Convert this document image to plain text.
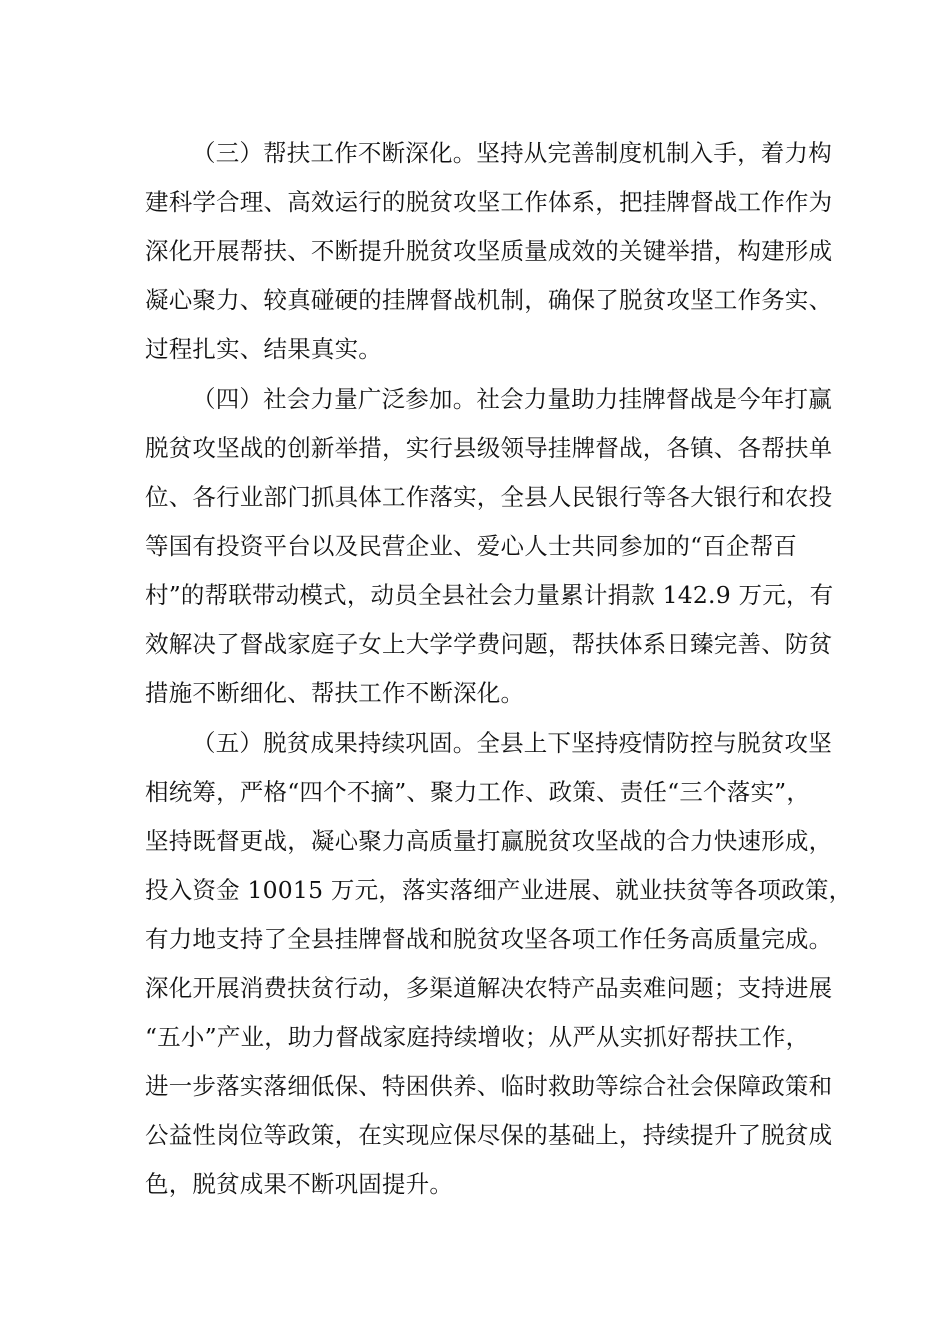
（三）帮扶工作不断深化。坚持从完善制度机制入手，着力构
建科学合理、高效运行的脱贫攻坚工作体系，把挂牌督战工作作为
深化开展帮扶、不断提升脱贫攻坚质量成效的关键举措，构建形成
凝心聚力、较真碰硬的挂牌督战机制，确保了脱贫攻坚工作务实、
过程扎实、结果真实。
（四）社会力量广泛参加。社会力量助力挂牌督战是今年打赢
脱贫攻坚战的创新举措，实行县级领导挂牌督战，各镇、各帮扶单
位、各行业部门抓具体工作落实，全县人民银行等各大银行和农投
等国有投资平台以及民营企业、爱心人士共同参加的“百企帮百
村”的帮联带动模式，动员全县社会力量累计捐款 142.9 万元，有
效解决了督战家庭子女上大学学费问题，帮扶体系日臻完善、防贫
措施不断细化、帮扶工作不断深化。
（五）脱贫成果持续巩固。全县上下坚持疫情防控与脱贫攻坚
相统筹，严格“四个不摘”、聚力工作、政策、责任“三个落实”，
坚持既督更战，凝心聚力高质量打赢脱贫攻坚战的合力快速形成，
投入资金 10015 万元，落实落细产业进展、就业扶贫等各项政策，
有力地支持了全县挂牌督战和脱贫攻坚各项工作任务高质量完成。
深化开展消费扶贫行动，多渠道解决农特产品卖难问题；支持进展
“五小”产业，助力督战家庭持续增收；从严从实抓好帮扶工作，
进一步落实落细低保、特困供养、临时救助等综合社会保障政策和
公益性岗位等政策，在实现应保尽保的基础上，持续提升了脱贫成
色，脱贫成果不断巩固提升。
